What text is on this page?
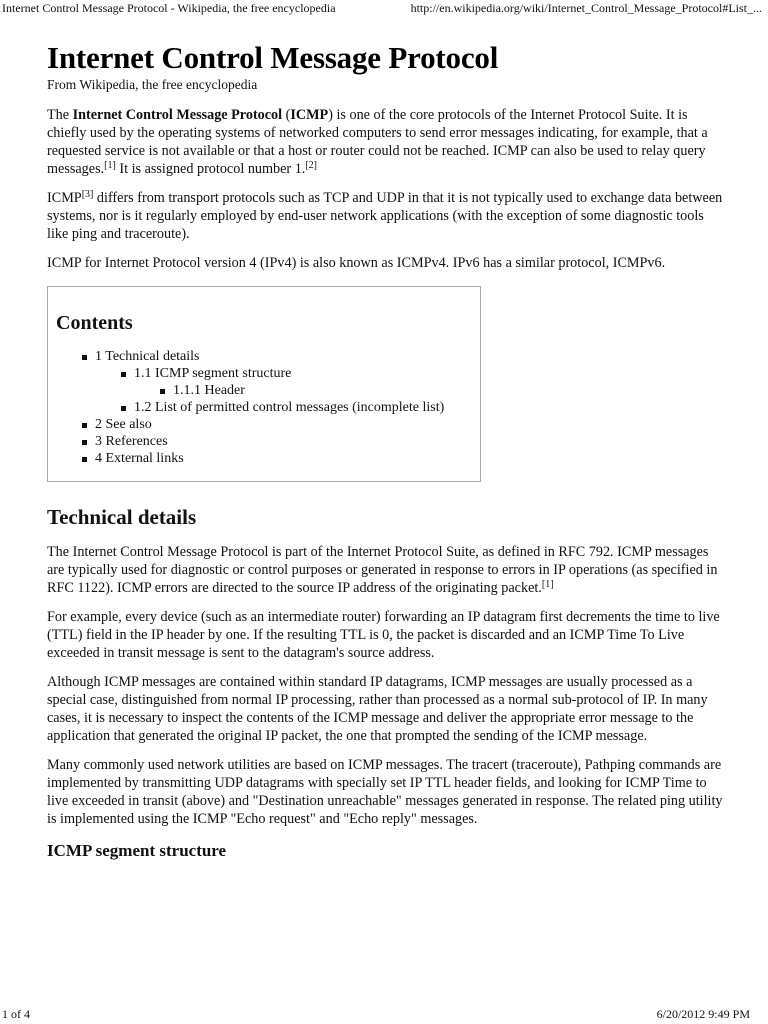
Internet Control Message Protocol - Wikipedia, the free encyclopedia	http://en.wikipedia.org/wiki/Internet_Control_Message_Protocol#List_...
Internet Control Message Protocol
From Wikipedia, the free encyclopedia

The Internet Control Message Protocol (ICMP) is one of the core protocols of the Internet Protocol Suite. It is chiefly used by the operating systems of networked computers to send error messages indicating, for example, that a requested service is not available or that a host or router could not be reached. ICMP can also be used to relay query messages.[1] It is assigned protocol number 1.[2]

ICMP[3] differs from transport protocols such as TCP and UDP in that it is not typically used to exchange data between systems, nor is it regularly employed by end-user network applications (with the exception of some diagnostic tools like ping and traceroute).

ICMP for Internet Protocol version 4 (IPv4) is also known as ICMPv4. IPv6 has a similar protocol, ICMPv6.

Contents
1 Technical details
1.1 ICMP segment structure
1.1.1 Header
1.2 List of permitted control messages (incomplete list)
2 See also
3 References
4 External links
Technical details

The Internet Control Message Protocol is part of the Internet Protocol Suite, as defined in RFC 792. ICMP messages are typically used for diagnostic or control purposes or generated in response to errors in IP operations (as specified in RFC 1122). ICMP errors are directed to the source IP address of the originating packet.[1]

For example, every device (such as an intermediate router) forwarding an IP datagram first decrements the time to live (TTL) field in the IP header by one. If the resulting TTL is 0, the packet is discarded and an ICMP Time To Live exceeded in transit message is sent to the datagram's source address.

Although ICMP messages are contained within standard IP datagrams, ICMP messages are usually processed as a special case, distinguished from normal IP processing, rather than processed as a normal sub-protocol of IP. In many cases, it is necessary to inspect the contents of the ICMP message and deliver the appropriate error message to the application that generated the original IP packet, the one that prompted the sending of the ICMP message.

Many commonly used network utilities are based on ICMP messages. The tracert (traceroute), Pathping commands are implemented by transmitting UDP datagrams with specially set IP TTL header fields, and looking for ICMP Time to live exceeded in transit (above) and "Destination unreachable" messages generated in response. The related ping utility is implemented using the ICMP "Echo request" and "Echo reply" messages.

ICMP segment structure
1 of 4	6/20/2012 9:49 PM
